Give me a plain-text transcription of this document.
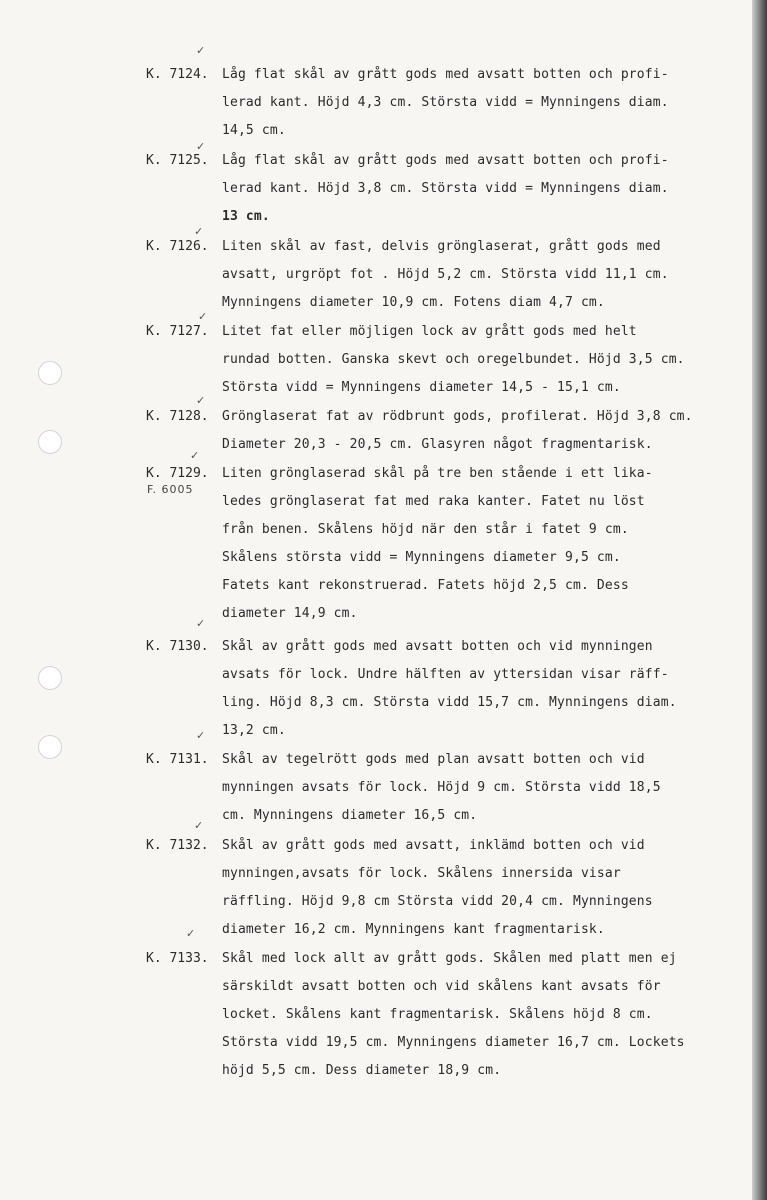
✓
✓
✓
✓
✓
✓
✓
✓
✓
✓
K. 7124. Låg flat skål av grått gods med avsatt botten och profi-
lerad kant. Höjd 4,3 cm. Största vidd = Mynningens diam.
14,5 cm.
K. 7125. Låg flat skål av grått gods med avsatt botten och profi-
lerad kant. Höjd 3,8 cm. Största vidd = Mynningens diam.
13 cm.
K. 7126. Liten skål av fast, delvis grönglaserat, grått gods med
avsatt, urgröpt fot . Höjd 5,2 cm. Största vidd 11,1 cm.
Mynningens diameter 10,9 cm. Fotens diam 4,7 cm.
K. 7127. Litet fat eller möjligen lock av grått gods med helt
rundad botten. Ganska skevt och oregelbundet. Höjd 3,5 cm.
Största vidd = Mynningens diameter 14,5 - 15,1 cm.
K. 7128. Grönglaserat fat av rödbrunt gods, profilerat. Höjd 3,8 cm.
Diameter 20,3 - 20,5 cm. Glasyren något fragmentarisk.
K. 7129.
F. 6005
Liten grönglaserad skål på tre ben stående i ett lika-
ledes grönglaserat fat med raka kanter. Fatet nu löst
från benen. Skålens höjd när den står i fatet 9 cm.
Skålens största vidd = Mynningens diameter 9,5 cm.
Fatets kant rekonstruerad. Fatets höjd 2,5 cm. Dess
diameter 14,9 cm.
K. 7130. Skål av grått gods med avsatt botten och vid mynningen
avsats för lock. Undre hälften av yttersidan visar räff-
ling. Höjd 8,3 cm. Största vidd 15,7 cm. Mynningens diam.
13,2 cm.
K. 7131. Skål av tegelrött gods med plan avsatt botten och vid
mynningen avsats för lock. Höjd 9 cm. Största vidd 18,5
cm. Mynningens diameter 16,5 cm.
K. 7132. Skål av grått gods med avsatt, inklämd botten och vid
mynningen,avsats för lock. Skålens innersida visar
räffling. Höjd 9,8 cm Största vidd 20,4 cm. Mynningens
diameter 16,2 cm. Mynningens kant fragmentarisk.
K. 7133. Skål med lock allt av grått gods. Skålen med platt men ej
särskildt avsatt botten och vid skålens kant avsats för
locket. Skålens kant fragmentarisk. Skålens höjd 8 cm.
Största vidd 19,5 cm. Mynningens diameter 16,7 cm. Lockets
höjd 5,5 cm. Dess diameter 18,9 cm.
